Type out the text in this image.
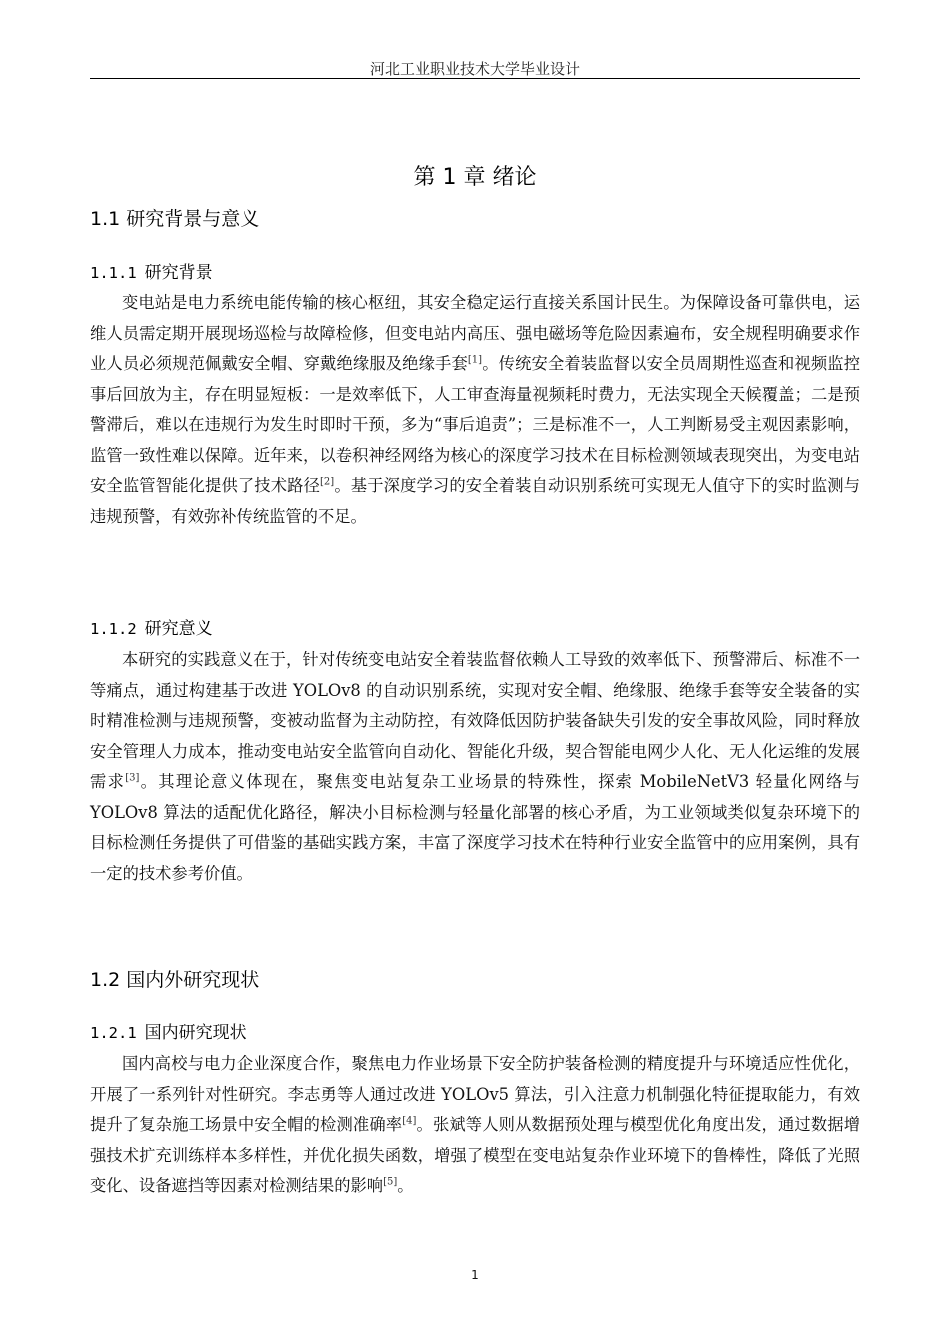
河北工业职业技术大学毕业设计
第 1 章 绪论
1.1 研究背景与意义
1.1.1 研究背景

变电站是电力系统电能传输的核心枢纽，其安全稳定运行直接关系国计民生。为保障设备可靠供电，运维人员需定期开展现场巡检与故障检修，但变电站内高压、强电磁场等危险因素遍布，安全规程明确要求作业人员必须规范佩戴安全帽、穿戴绝缘服及绝缘手套[1]。传统安全着装监督以安全员周期性巡查和视频监控事后回放为主，存在明显短板：一是效率低下，人工审查海量视频耗时费力，无法实现全天候覆盖；二是预警滞后，难以在违规行为发生时即时干预，多为“事后追责”；三是标准不一，人工判断易受主观因素影响，监管一致性难以保障。近年来，以卷积神经网络为核心的深度学习技术在目标检测领域表现突出，为变电站安全监管智能化提供了技术路径[2]。基于深度学习的安全着装自动识别系统可实现无人值守下的实时监测与违规预警，有效弥补传统监管的不足。

1.1.2 研究意义

本研究的实践意义在于，针对传统变电站安全着装监督依赖人工导致的效率低下、预警滞后、标准不一等痛点，通过构建基于改进 YOLOv8 的自动识别系统，实现对安全帽、绝缘服、绝缘手套等安全装备的实时精准检测与违规预警，变被动监督为主动防控，有效降低因防护装备缺失引发的安全事故风险，同时释放安全管理人力成本，推动变电站安全监管向自动化、智能化升级，契合智能电网少人化、无人化运维的发展需求[3]。其理论意义体现在，聚焦变电站复杂工业场景的特殊性，探索 MobileNetV3 轻量化网络与 YOLOv8 算法的适配优化路径，解决小目标检测与轻量化部署的核心矛盾，为工业领域类似复杂环境下的目标检测任务提供了可借鉴的基础实践方案，丰富了深度学习技术在特种行业安全监管中的应用案例，具有一定的技术参考价值。

1.2 国内外研究现状
1.2.1 国内研究现状

国内高校与电力企业深度合作，聚焦电力作业场景下安全防护装备检测的精度提升与环境适应性优化，开展了一系列针对性研究。李志勇等人通过改进 YOLOv5 算法，引入注意力机制强化特征提取能力，有效提升了复杂施工场景中安全帽的检测准确率[4]。张斌等人则从数据预处理与模型优化角度出发，通过数据增强技术扩充训练样本多样性，并优化损失函数，增强了模型在变电站复杂作业环境下的鲁棒性，降低了光照变化、设备遮挡等因素对检测结果的影响[5]。

1
